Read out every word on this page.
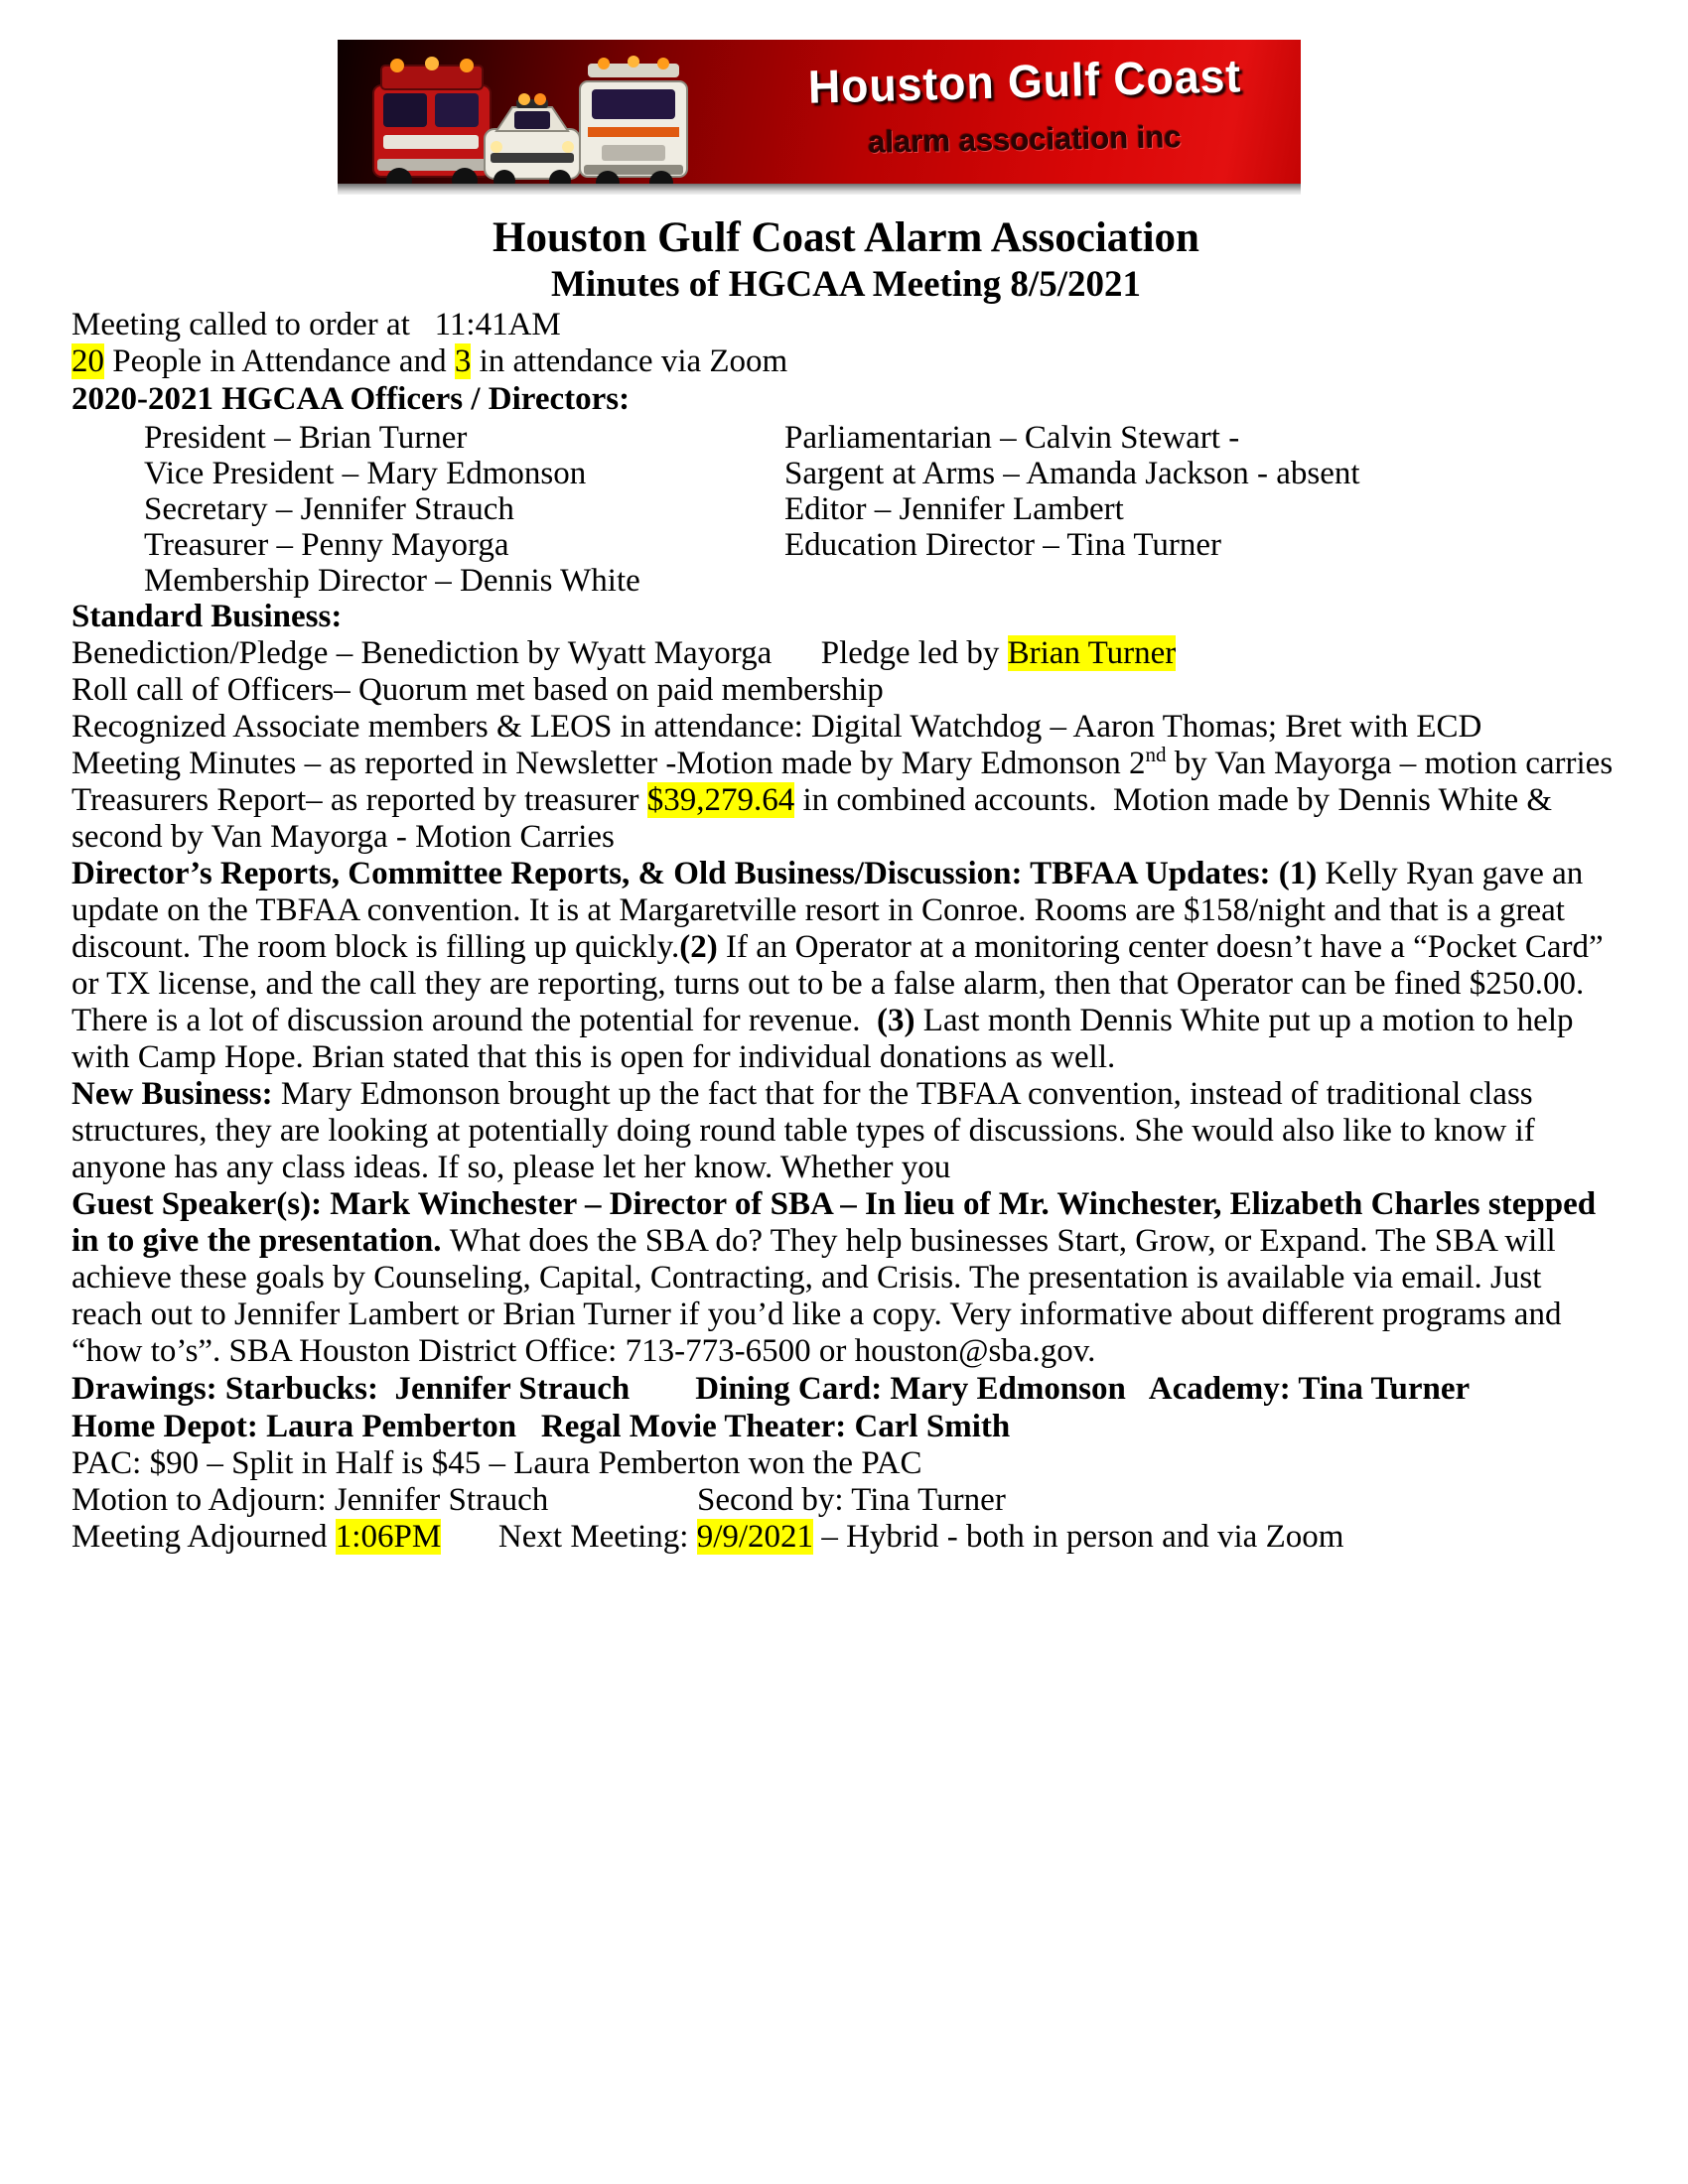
Houston Gulf Coast
alarm association inc
Houston Gulf Coast Alarm Association
Minutes of HGCAA Meeting 8/5/2021

Meeting called to order at   11:41AM

20 People in Attendance and 3 in attendance via Zoom

2020-2021 HGCAA Officers / Directors:

President – Brian Turner

Vice President – Mary Edmonson

Secretary – Jennifer Strauch

Treasurer – Penny Mayorga

Membership Director – Dennis White

Parliamentarian – Calvin Stewart -

Sargent at Arms – Amanda Jackson - absent

Editor – Jennifer Lambert

Education Director – Tina Turner

Standard Business:

Benediction/Pledge – Benediction by Wyatt Mayorga      Pledge led by Brian Turner

Roll call of Officers– Quorum met based on paid membership

Recognized Associate members & LEOS in attendance: Digital Watchdog – Aaron Thomas; Bret with ECD

Meeting Minutes – as reported in Newsletter -Motion made by Mary Edmonson 2nd by Van Mayorga – motion carries

Treasurers Report– as reported by treasurer $39,279.64 in combined accounts.  Motion made by Dennis White & second by Van Mayorga - Motion Carries

Director’s Reports, Committee Reports, & Old Business/Discussion: TBFAA Updates: (1) Kelly Ryan gave an update on the TBFAA convention. It is at Margaretville resort in Conroe. Rooms are $158/night and that is a great discount. The room block is filling up quickly.(2) If an Operator at a monitoring center doesn’t have a “Pocket Card” or TX license, and the call they are reporting, turns out to be a false alarm, then that Operator can be fined $250.00.  There is a lot of discussion around the potential for revenue.  (3) Last month Dennis White put up a motion to help with Camp Hope. Brian stated that this is open for individual donations as well.

New Business: Mary Edmonson brought up the fact that for the TBFAA convention, instead of traditional class structures, they are looking at potentially doing round table types of discussions. She would also like to know if anyone has any class ideas. If so, please let her know. Whether you

Guest Speaker(s): Mark Winchester – Director of SBA – In lieu of Mr. Winchester, Elizabeth Charles stepped in to give the presentation. What does the SBA do? They help businesses Start, Grow, or Expand. The SBA will achieve these goals by Counseling, Capital, Contracting, and Crisis. The presentation is available via email. Just reach out to Jennifer Lambert or Brian Turner if you’d like a copy. Very informative about different programs and “how to’s”. SBA Houston District Office: 713-773-6500 or houston@sba.gov.

Drawings: Starbucks:  Jennifer Strauch        Dining Card: Mary Edmonson   Academy: Tina Turner

Home Depot: Laura Pemberton   Regal Movie Theater: Carl Smith

PAC: $90 – Split in Half is $45 – Laura Pemberton won the PAC

Motion to Adjourn: Jennifer Strauch	Second by: Tina Turner

Meeting Adjourned 1:06PM       Next Meeting: 9/9/2021 – Hybrid - both in person and via Zoom
